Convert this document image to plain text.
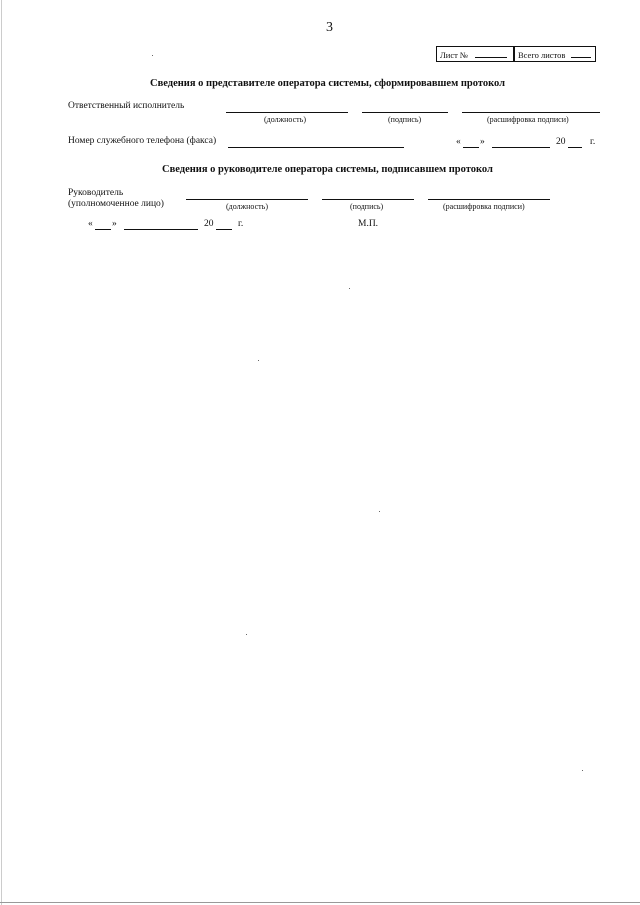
3
Лист №	Всего листов
Сведения о представителе оператора системы, сформировавшем протокол
Ответственный исполнитель
(должность)	(подпись)	(расшифровка подписи)
Номер служебного телефона (факса)	« »	20	г.
Сведения о руководителе оператора системы, подписавшем протокол
Руководитель
(уполномоченное лицо)	(должность)	(подпись)	(расшифровка подписи)
« »	20	г.	М.П.
